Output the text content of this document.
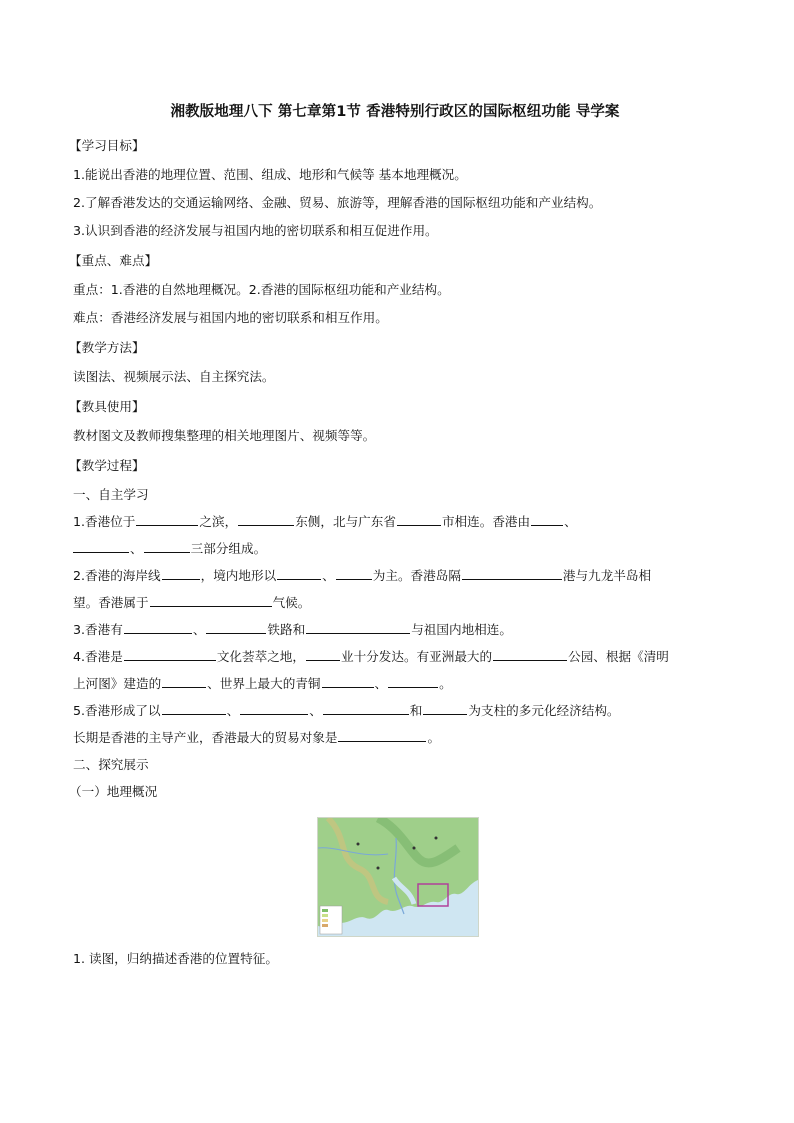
湘教版地理八下 第七章第1节 香港特别行政区的国际枢纽功能 导学案
【学习目标】
1.能说出香港的地理位置、范围、组成、地形和气候等 基本地理概况。
2.了解香港发达的交通运输网络、金融、贸易、旅游等，理解香港的国际枢纽功能和产业结构。
3.认识到香港的经济发展与祖国内地的密切联系和相互促进作用。
【重点、难点】
重点：1.香港的自然地理概况。2.香港的国际枢纽功能和产业结构。
难点：香港经济发展与祖国内地的密切联系和相互作用。
【教学方法】
读图法、视频展示法、自主探究法。
【教具使用】
教材图文及教师搜集整理的相关地理图片、视频等等。
【教学过程】
一、自主学习
1.香港位于	之滨，	东侧，北与广东省	市相连。香港由	、
、	三部分组成。
2.香港的海岸线	，境内地形以	、	为主。香港岛隔	港与九龙半岛相
望。香港属于	气候。
3.香港有	、	铁路和	与祖国内地相连。
4.香港是	文化荟萃之地，	业十分发达。有亚洲最大的	公园、根据《清明
上河图》建造的	、世界上最大的青铜	、	。
5.香港形成了以	、	、	和	为支柱的多元化经济结构。
长期是香港的主导产业，香港最大的贸易对象是	。
二、探究展示
（一）地理概况
1. 读图，归纳描述香港的位置特征。
